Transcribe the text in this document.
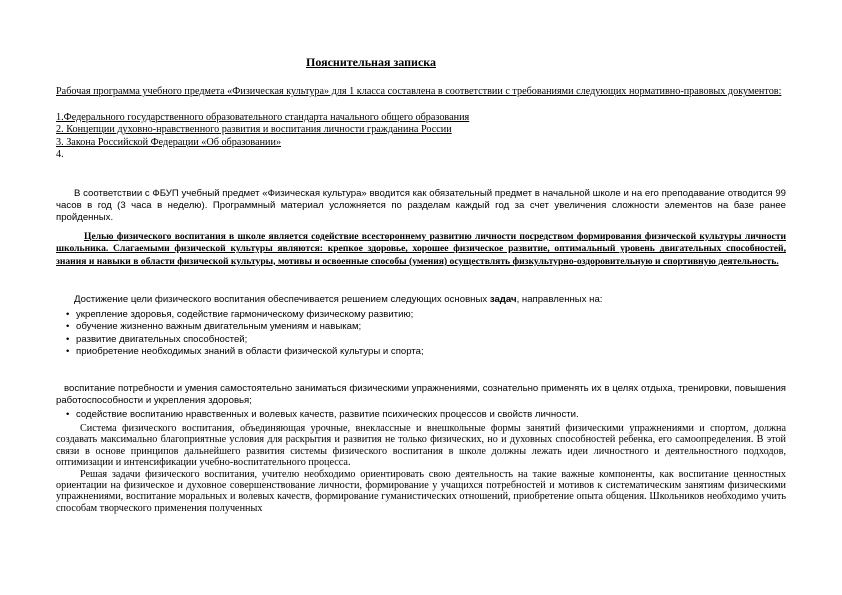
Пояснительная записка
Рабочая программа учебного предмета «Физическая культура» для 1 класса составлена в соответствии с требованиями следующих нормативно-правовых документов:
1.Федерального государственного образовательного стандарта начального общего образования
2. Концепции духовно-нравственного развития и воспитания личности гражданина России
3. Закона Российской Федерации «Об образовании»
4.
В соответствии с ФБУП учебный предмет «Физическая культура» вводится как обязательный предмет в начальной школе и на его преподавание отводится 99 часов в год (3 часа в неделю). Программный материал усложняется по разделам каждый год за счет увеличения сложности элементов на базе ранее пройденных.
Целью физического воспитания в школе является содействие всестороннему развитию личности посредством формирования физической культуры личности школьника. Слагаемыми физической культуры являются: крепкое здоровье, хорошее физическое развитие, оптимальный уровень двигательных способностей, знания и навыки в области физической культуры, мотивы и освоенные способы (умения) осуществлять физкультурно-оздоровительную и спортивную деятельность.
Достижение цели физического воспитания обеспечивается решением следующих основных задач, направленных на:
• укрепление здоровья, содействие гармоническому физическому развитию;
• обучение жизненно важным двигательным умениям и навыкам;
• развитие двигательных способностей;
• приобретение необходимых знаний в области физической культуры и спорта;
воспитание потребности и умения самостоятельно заниматься физическими упражнениями, сознательно применять их в целях отдыха, тренировки, повышения работоспособности и укрепления здоровья;
• содействие воспитанию нравственных и волевых качеств, развитие психических процессов и свойств личности.
Система физического воспитания, объединяющая урочные, внеклассные и внешкольные формы занятий физическими упражнениями и спортом, должна создавать максимально благоприятные условия для раскрытия и развития не только физических, но и духовных способностей ребенка, его самоопределения. В этой связи в основе принципов дальнейшего развития системы физического воспитания в школе должны лежать идеи личностного и деятельностного подходов, оптимизации и интенсификации учебно-воспитательного процесса.
Решая задачи физического воспитания, учителю необходимо ориентировать свою деятельность на такие важные компоненты, как воспитание ценностных ориентации на физическое и духовное совершенствование личности, формирование у учащихся потребностей и мотивов к систематическим занятиям физическими упражнениями, воспитание моральных и волевых качеств, формирование гуманистических отношений, приобретение опыта общения. Школьников необходимо учить способам творческого применения полученных
